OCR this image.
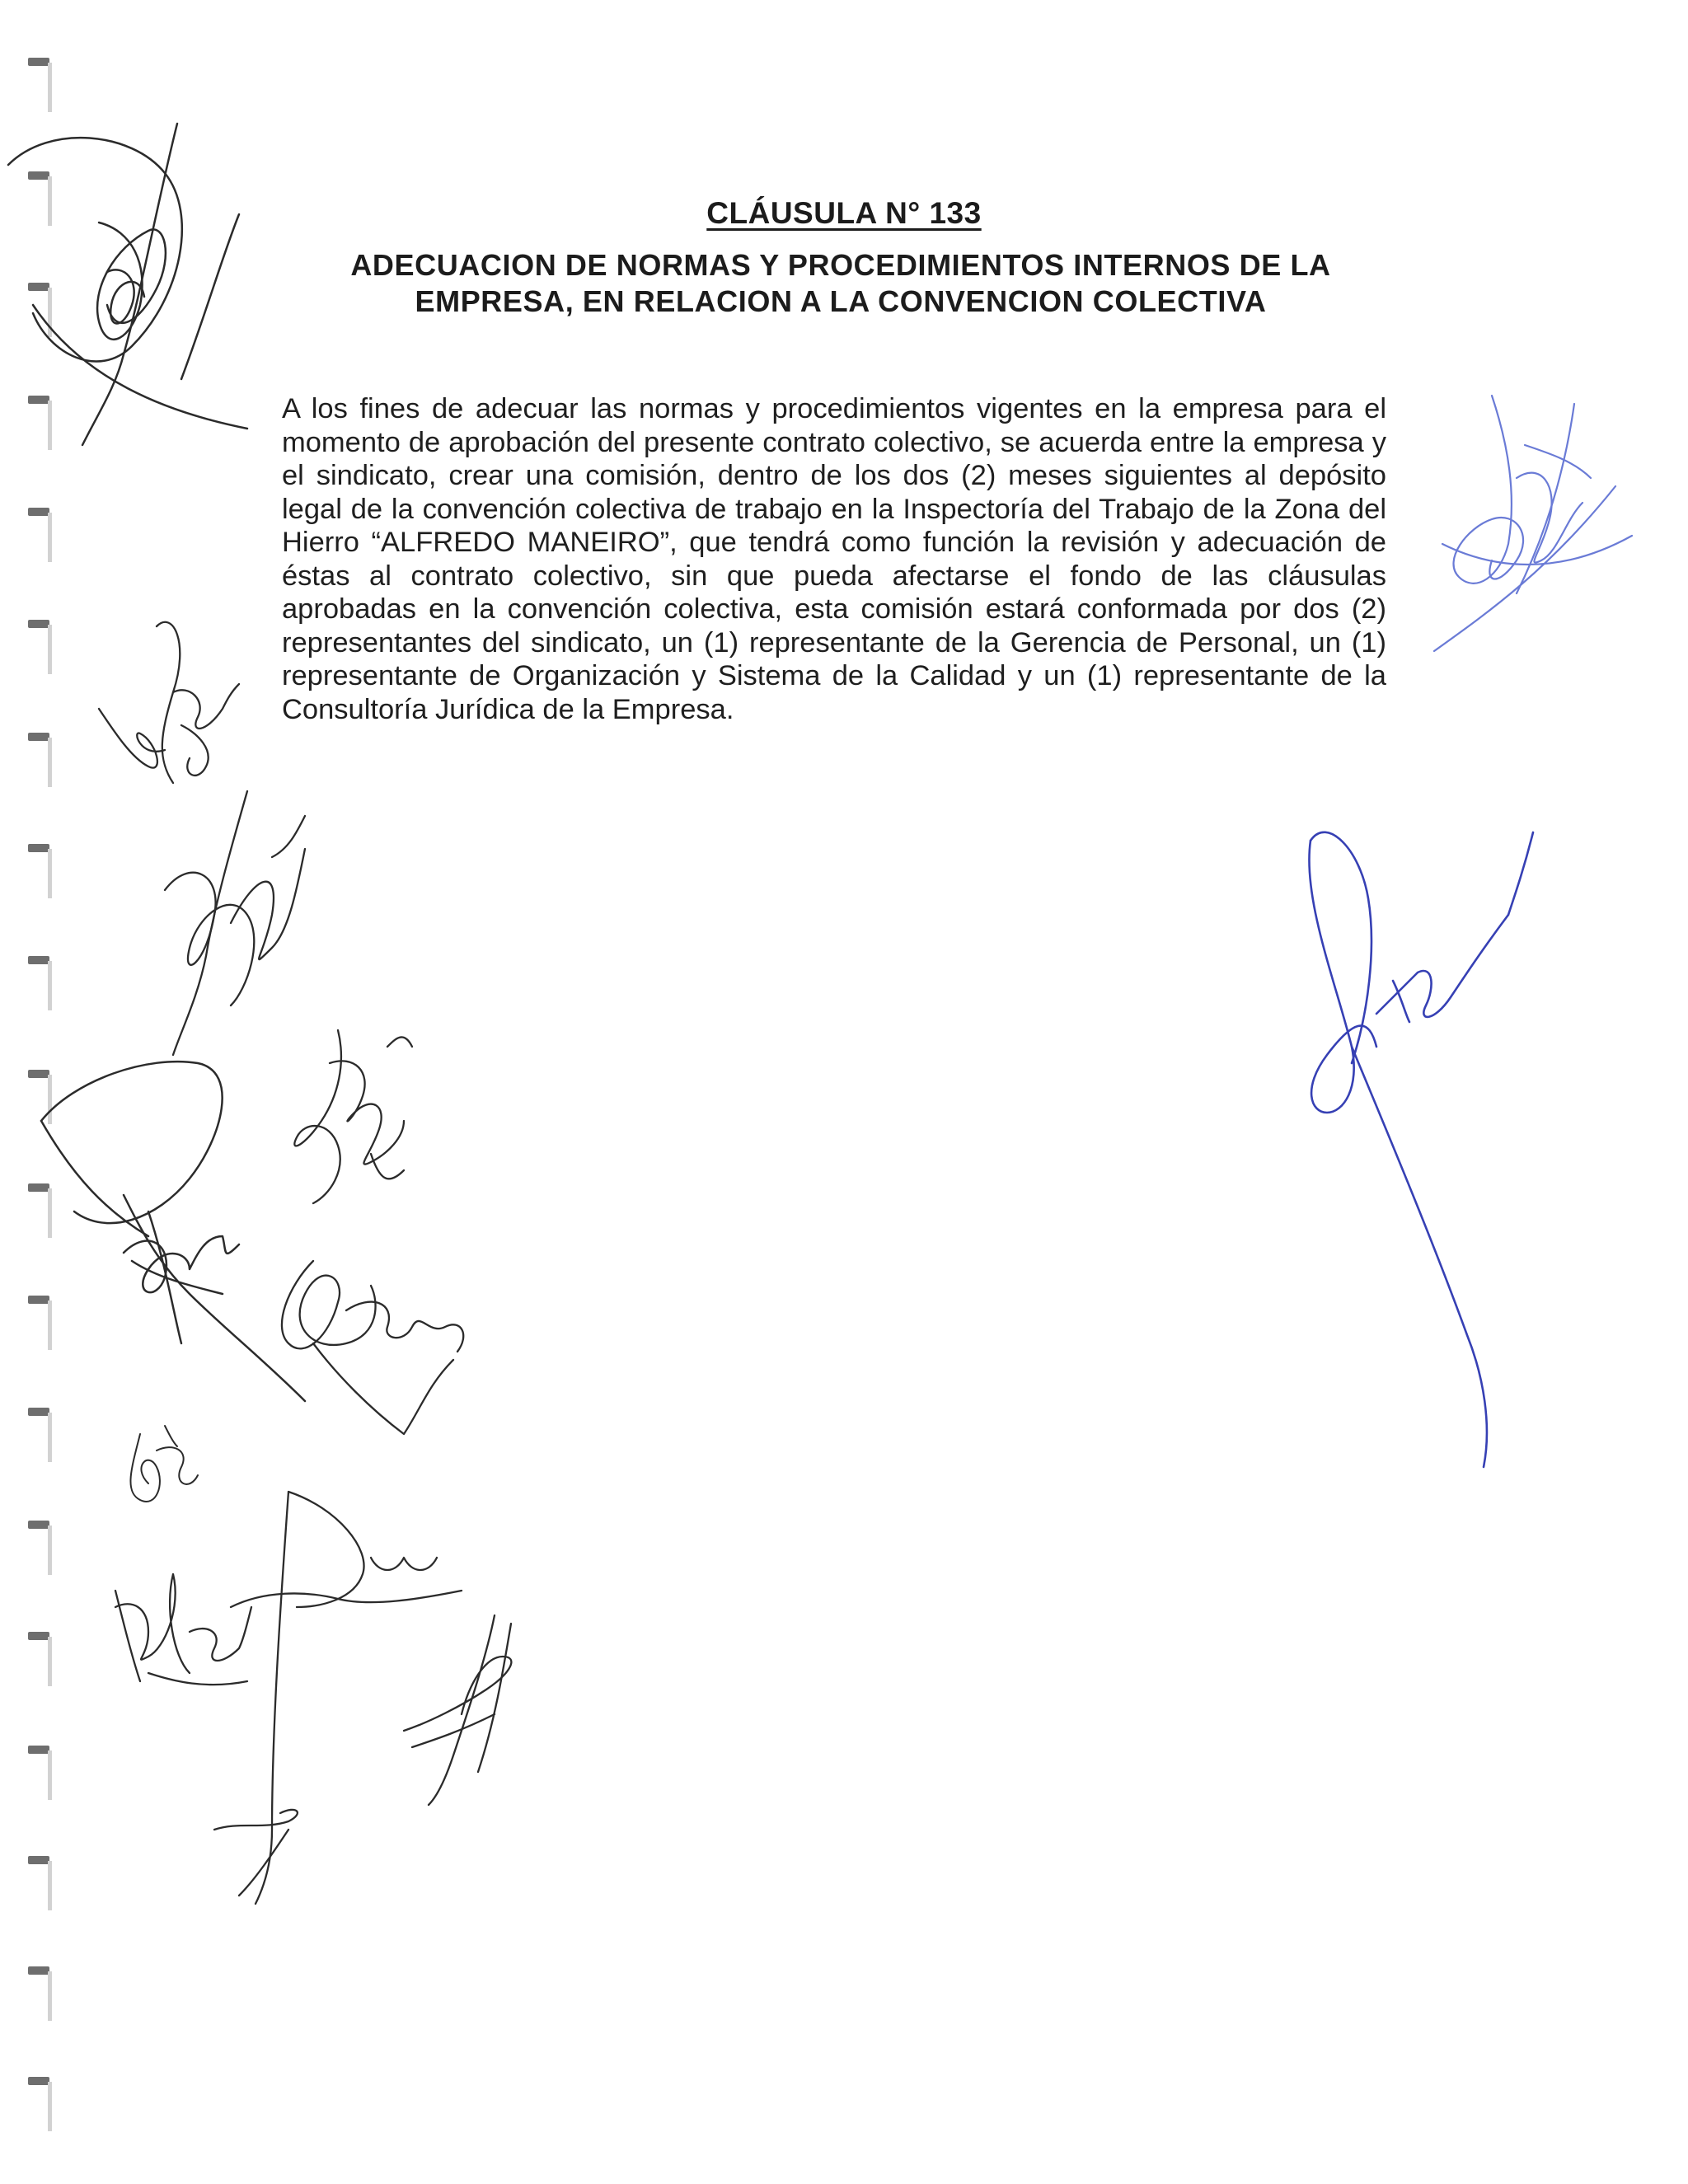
CLÁUSULA N° 133
ADECUACION DE NORMAS Y PROCEDIMIENTOS INTERNOS DE LA EMPRESA, EN RELACION A LA CONVENCION COLECTIVA

A los fines de adecuar las normas y procedimientos vigentes en la empresa para el momento de aprobación del presente contrato colectivo, se acuerda entre la empresa y el sindicato, crear una comisión, dentro de los dos (2) meses siguientes al depósito legal de la convención colectiva de trabajo en la Inspectoría del Trabajo de la Zona del Hierro “ALFREDO MANEIRO”, que tendrá como función la revisión y adecuación de éstas al contrato colectivo, sin que pueda afectarse el fondo de las cláusulas aprobadas en la convención colectiva, esta comisión estará conformada por dos (2) representantes del sindicato, un (1) representante de la Gerencia de Personal, un (1) representante de Organización y Sistema de la Calidad y un (1) representante de la Consultoría Jurídica de la Empresa.
